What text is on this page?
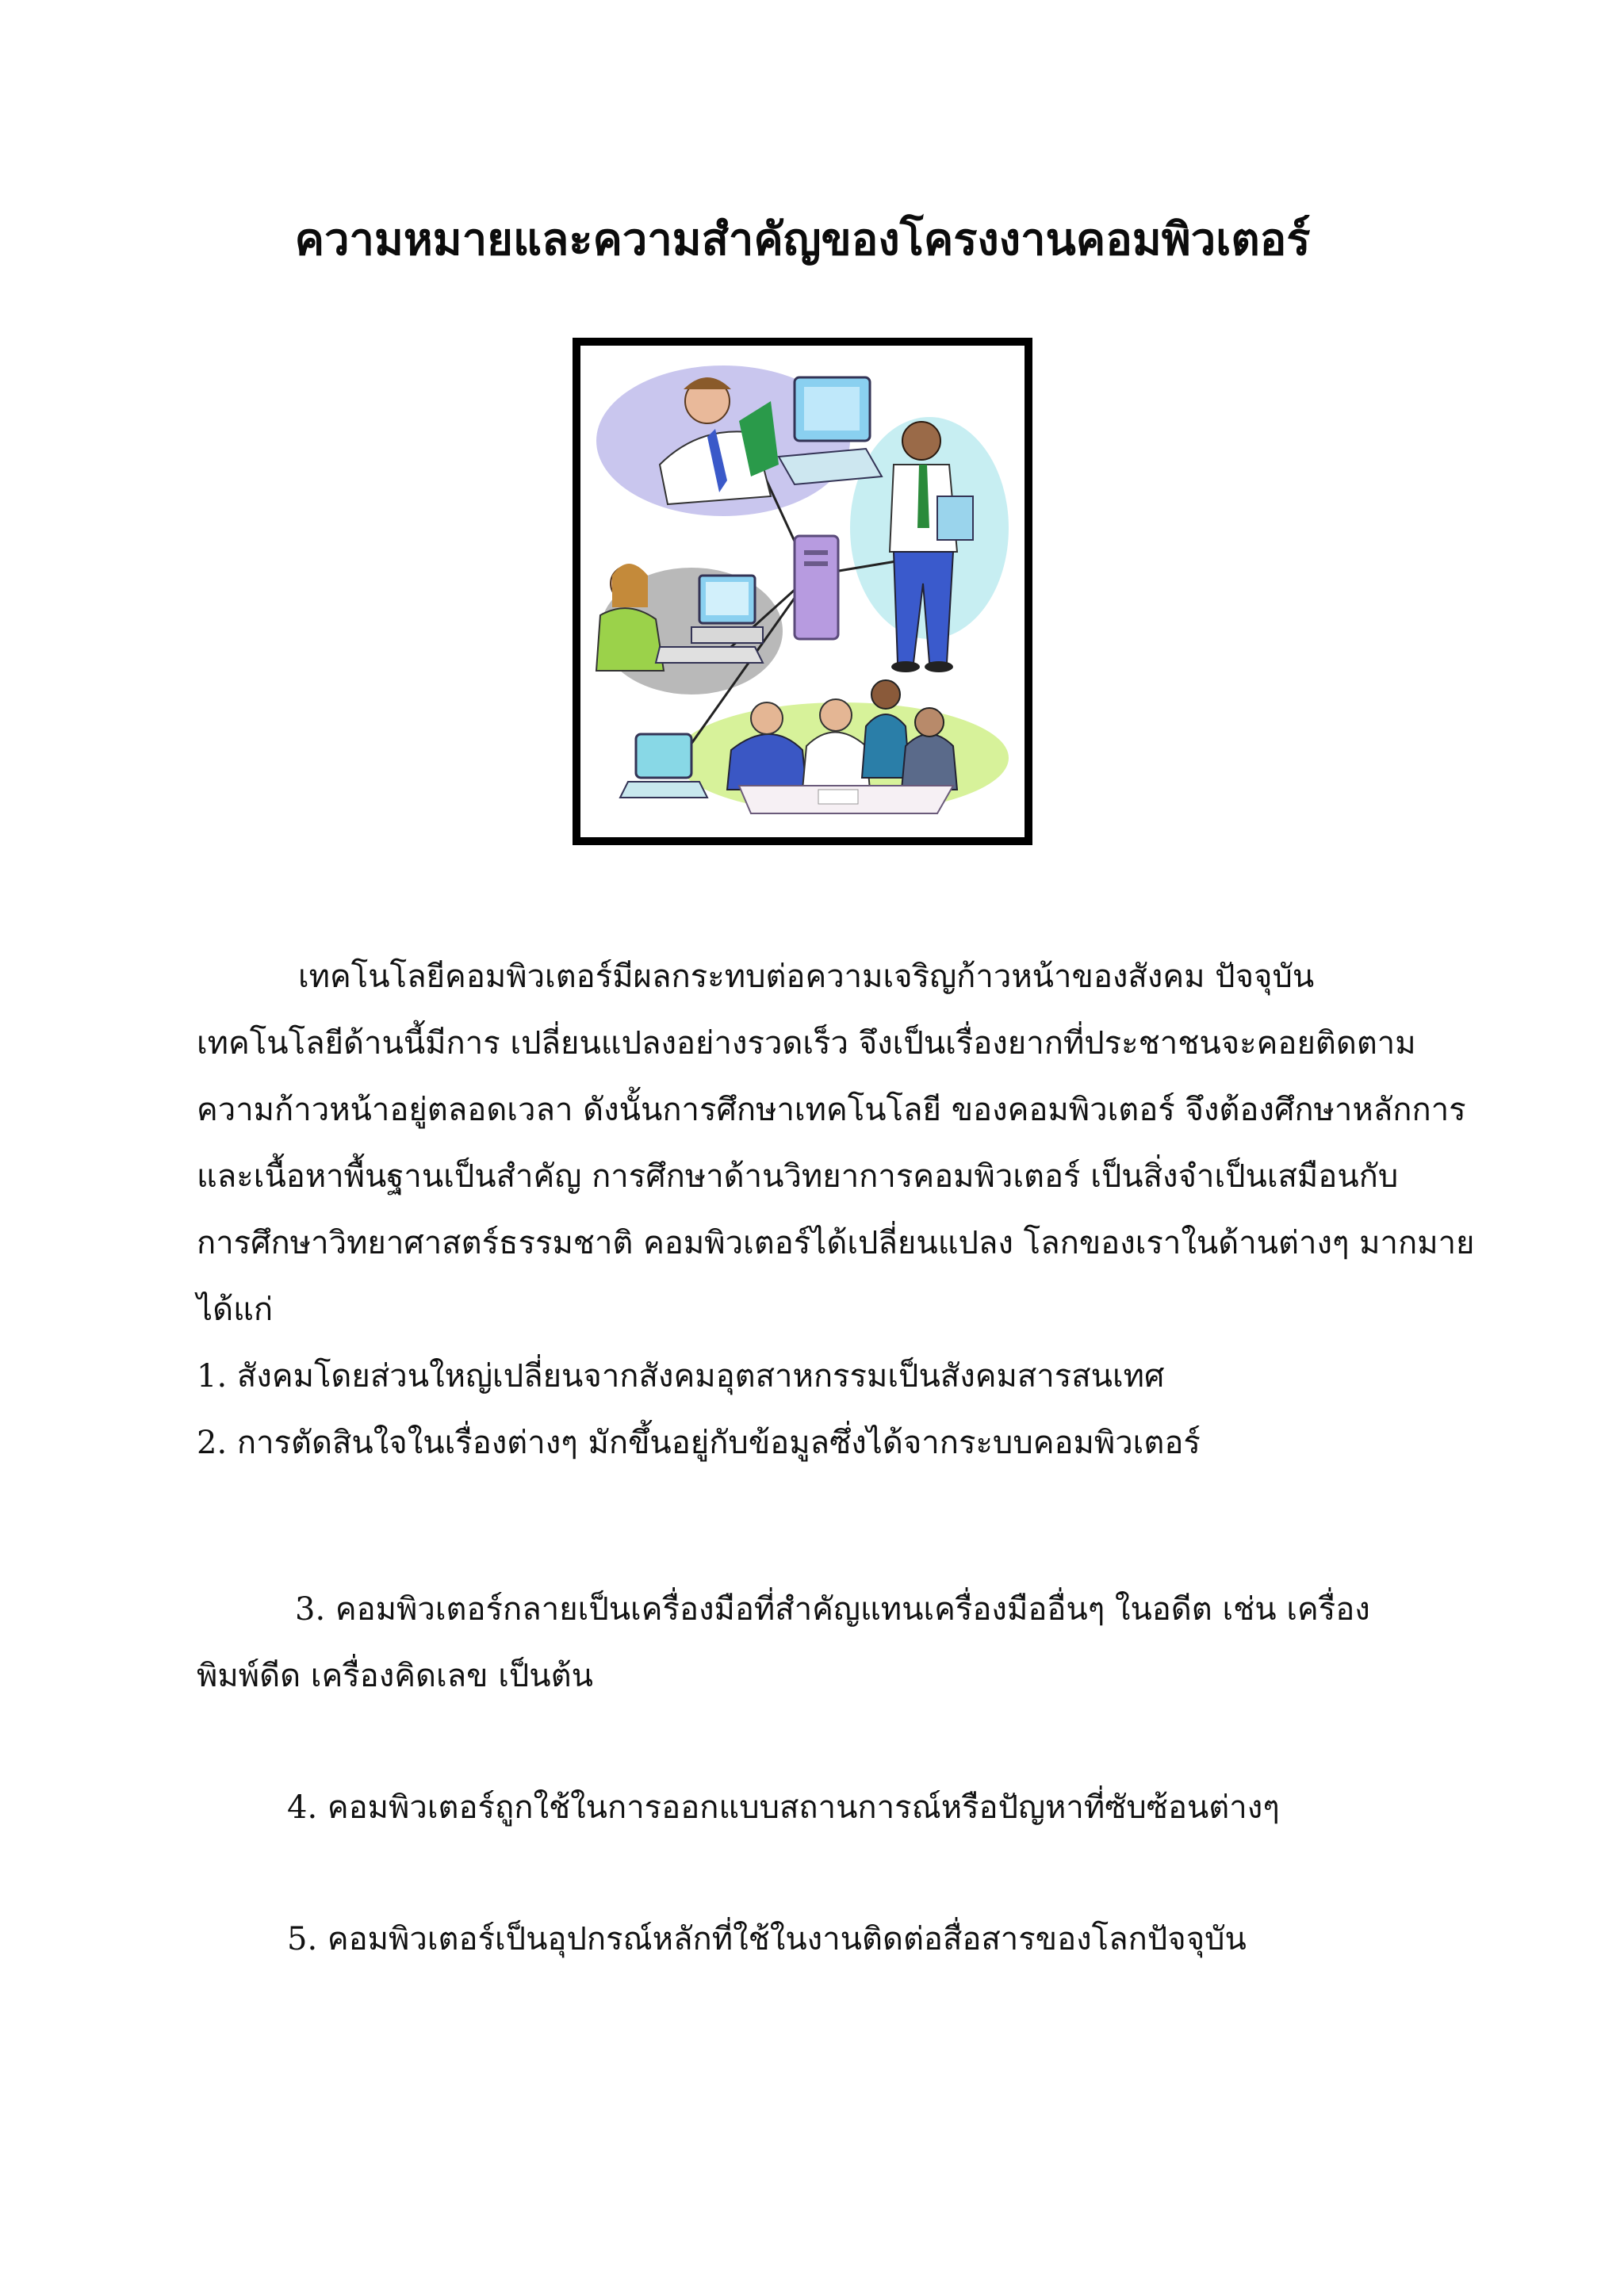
ความหมายและความสำคัญของโครงงานคอมพิวเตอร์
เทคโนโลยีคอมพิวเตอร์มีผลกระทบต่อความเจริญก้าวหน้าของสังคม ปัจจุบัน
เทคโนโลยีด้านนี้มีการ เปลี่ยนแปลงอย่างรวดเร็ว จึงเป็นเรื่องยากที่ประชาชนจะคอยติดตาม
ความก้าวหน้าอยู่ตลอดเวลา ดังนั้นการศึกษาเทคโนโลยี ของคอมพิวเตอร์ จึงต้องศึกษาหลักการ
และเนื้อหาพื้นฐานเป็นสำคัญ การศึกษาด้านวิทยาการคอมพิวเตอร์ เป็นสิ่งจำเป็นเสมือนกับ
การศึกษาวิทยาศาสตร์ธรรมชาติ คอมพิวเตอร์ได้เปลี่ยนแปลง โลกของเราในด้านต่างๆ มากมาย
ได้แก่
1. สังคมโดยส่วนใหญ่เปลี่ยนจากสังคมอุตสาหกรรมเป็นสังคมสารสนเทศ
2. การตัดสินใจในเรื่องต่างๆ มักขึ้นอยู่กับข้อมูลซึ่งได้จากระบบคอมพิวเตอร์
3. คอมพิวเตอร์กลายเป็นเครื่องมือที่สำคัญแทนเครื่องมืออื่นๆ ในอดีต เช่น เครื่อง
พิมพ์ดีด เครื่องคิดเลข เป็นต้น
4. คอมพิวเตอร์ถูกใช้ในการออกแบบสถานการณ์หรือปัญหาที่ซับซ้อนต่างๆ
5. คอมพิวเตอร์เป็นอุปกรณ์หลักที่ใช้ในงานติดต่อสื่อสารของโลกปัจจุบัน
